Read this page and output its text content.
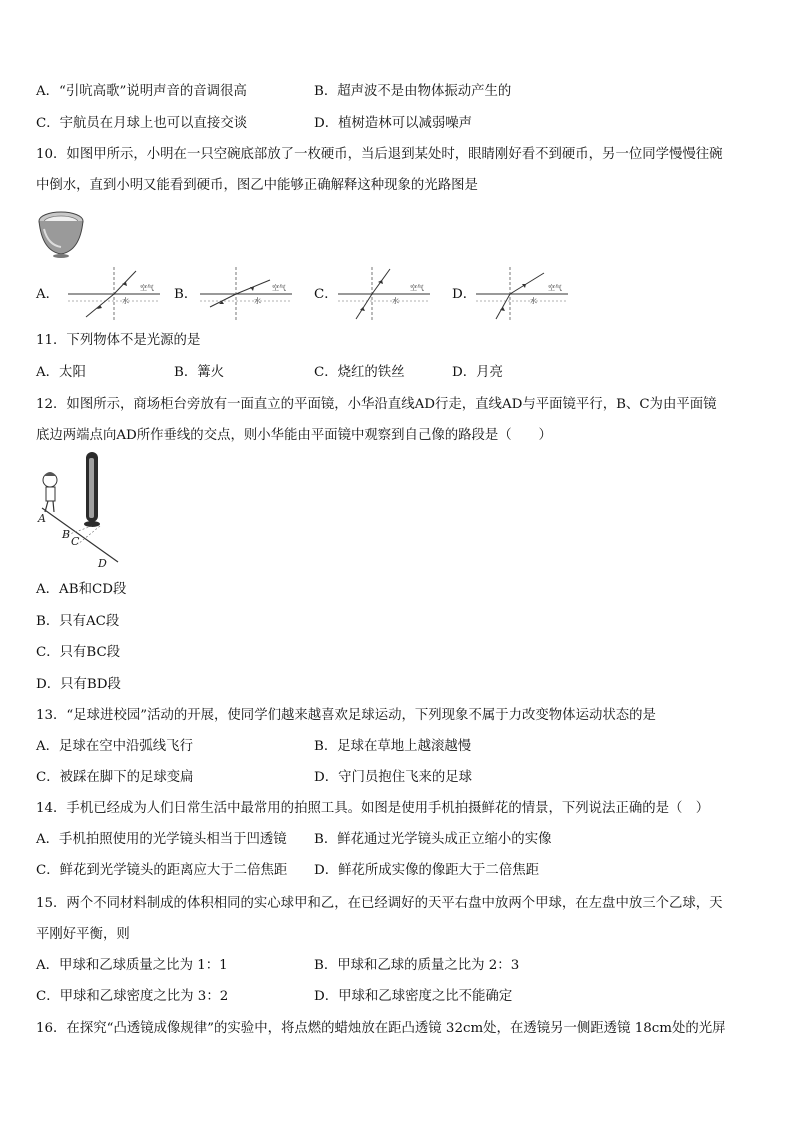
A．“引吭高歌”说明声音的音调很高	B．超声波不是由物体振动产生的
C．宇航员在月球上也可以直接交谈	D．植树造林可以减弱噪声
10．如图甲所示，小明在一只空碗底部放了一枚硬币，当后退到某处时，眼睛刚好看不到硬币，另一位同学慢慢往碗
中倒水，直到小明又能看到硬币，图乙中能够正确解释这种现象的光路图是
A．	空气
水	B．	空气
水	C．	空气
水	D．	空气
水
11．下列物体不是光源的是
A．太阳	B．篝火	C．烧红的铁丝	D．月亮
12．如图所示，商场柜台旁放有一面直立的平面镜，小华沿直线AD行走，直线AD与平面镜平行，B、C为由平面镜
底边两端点向AD所作垂线的交点，则小华能由平面镜中观察到自己像的路段是（　　）
A
B
C
D
A．AB和CD段
B．只有AC段
C．只有BC段
D．只有BD段
13．“足球进校园”活动的开展，使同学们越来越喜欢足球运动，下列现象不属于力改变物体运动状态的是
A．足球在空中沿弧线飞行	B．足球在草地上越滚越慢
C．被踩在脚下的足球变扁	D．守门员抱住飞来的足球
14．手机已经成为人们日常生活中最常用的拍照工具。如图是使用手机拍摄鲜花的情景，下列说法正确的是（　）
A．手机拍照使用的光学镜头相当于凹透镜 B．鲜花通过光学镜头成正立缩小的实像
C．鲜花到光学镜头的距离应大于二倍焦距 D．鲜花所成实像的像距大于二倍焦距
15．两个不同材料制成的体积相同的实心球甲和乙，在已经调好的天平右盘中放两个甲球，在左盘中放三个乙球，天
平刚好平衡，则
A．甲球和乙球质量之比为 1：1	B．甲球和乙球的质量之比为 2：3
C．甲球和乙球密度之比为 3：2	D．甲球和乙球密度之比不能确定
16．在探究“凸透镜成像规律”的实验中，将点燃的蜡烛放在距凸透镜 32cm处，在透镜另一侧距透镜 18cm处的光屏
